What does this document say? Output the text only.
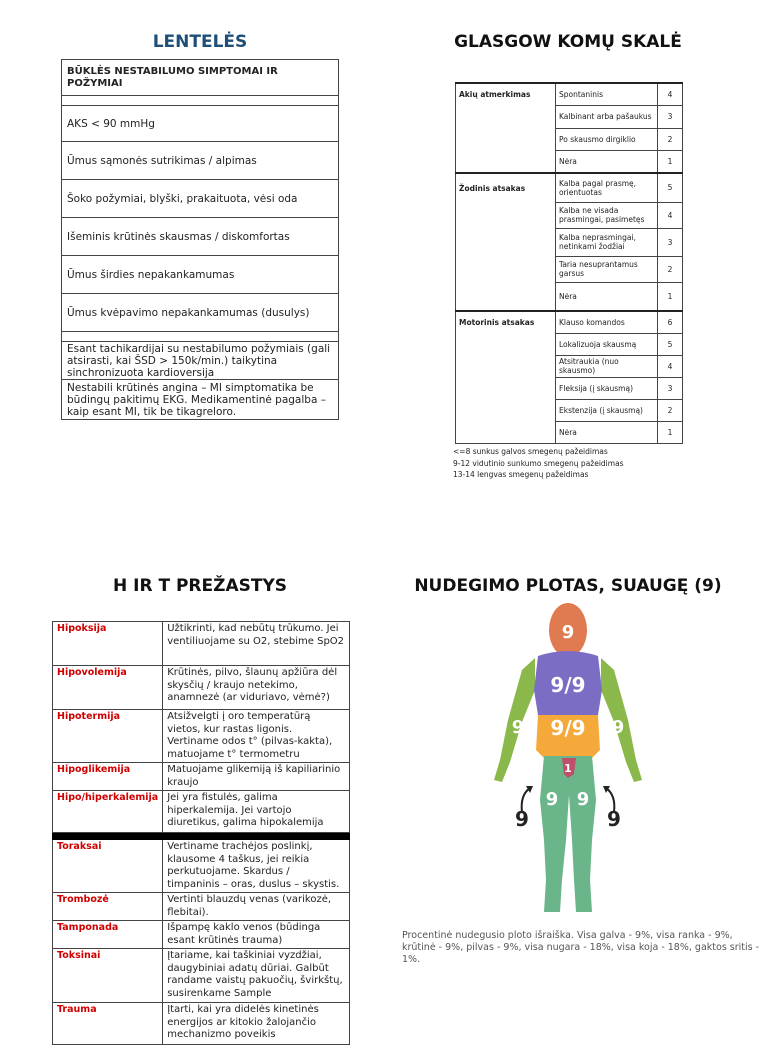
LENTELĖS
BŪKLĖS NESTABILUMO SIMPTOMAI IR POŽYMIAI

AKS < 90 mmHg
Ūmus sąmonės sutrikimas / alpimas
Šoko požymiai, blyški, prakaituota, vėsi oda
Išeminis krūtinės skausmas / diskomfortas
Ūmus širdies nepakankamumas
Ūmus kvėpavimo nepakankamumas (dusulys)

Esant tachikardijai su nestabilumo požymiais (gali atsirasti, kai ŠSD > 150k/min.) taikytina sinchronizuota kardioversija
Nestabili krūtinės angina – MI simptomatika be būdingų pakitimų EKG. Medikamentinė pagalba – kaip esant MI, tik be tikagreloro.
GLASGOW KOMŲ SKALĖ
Akių atmerkimas	Spontaninis	4
	Kalbinant arba pašaukus	3
	Po skausmo dirgiklio	2
	Nėra	1
Žodinis atsakas	Kalba pagal prasmę, orientuotas	5
	Kalba ne visada prasmingai, pasimetęs	4
	Kalba neprasmingai, netinkami žodžiai	3
	Taria nesuprantamus garsus	2
	Nėra	1
Motorinis atsakas	Klauso komandos	6
	Lokalizuoja skausmą	5
	Atsitraukia (nuo skausmo)	4
	Fleksija (į skausmą)	3
	Ekstenzija (į skausmą)	2
	Nėra	1
<=8 sunkus galvos smegenų pažeidimas
9-12 vidutinio sunkumo smegenų pažeidimas
13-14 lengvas smegenų pažeidimas
H IR T PREŽASTYS
Hipoksija	Užtikrinti, kad nebūtų trūkumo. Jei ventiliuojame su O2, stebime SpO2
Hipovolemija	Krūtinės, pilvo, šlaunų apžiūra dėl skysčių / kraujo netekimo, anamnezė (ar viduriavo, vėmė?)
Hipotermija	Atsižvelgti į oro temperatūrą vietos, kur rastas ligonis. Vertiname odos t° (pilvas-kakta), matuojame t° termometru
Hipoglikemija	Matuojame glikemiją iš kapiliarinio kraujo
Hipo/hiperkalemija	Jei yra fistulės, galima hiperkalemija. Jei vartojo diuretikus, galima hipokalemija

Toraksai	Vertiname trachėjos poslinkį, klausome 4 taškus, jei reikia perkutuojame. Skardus / timpaninis – oras, duslus – skystis.
Trombozė	Vertinti blauzdų venas (varikozė, flebitai).
Tamponada	Išpampę kaklo venos (būdinga esant krūtinės trauma)
Toksinai	Įtariame, kai taškiniai vyzdžiai, daugybiniai adatų dūriai. Galbūt randame vaistų pakuočių, švirkštų, susirenkame Sample
Trauma	Įtarti, kai yra didelės kinetinės energijos ar kitokio žalojančio mechanizmo poveikis
NUDEGIMO PLOTAS, SUAUGĘ (9)
9
9/9
9/9
9	9
1
9 9
9	9
Procentinė nudegusio ploto išraiška. Visa galva - 9%, visa ranka - 9%, krūtinė - 9%, pilvas - 9%, visa nugara - 18%, visa koja - 18%, gaktos sritis - 1%.
